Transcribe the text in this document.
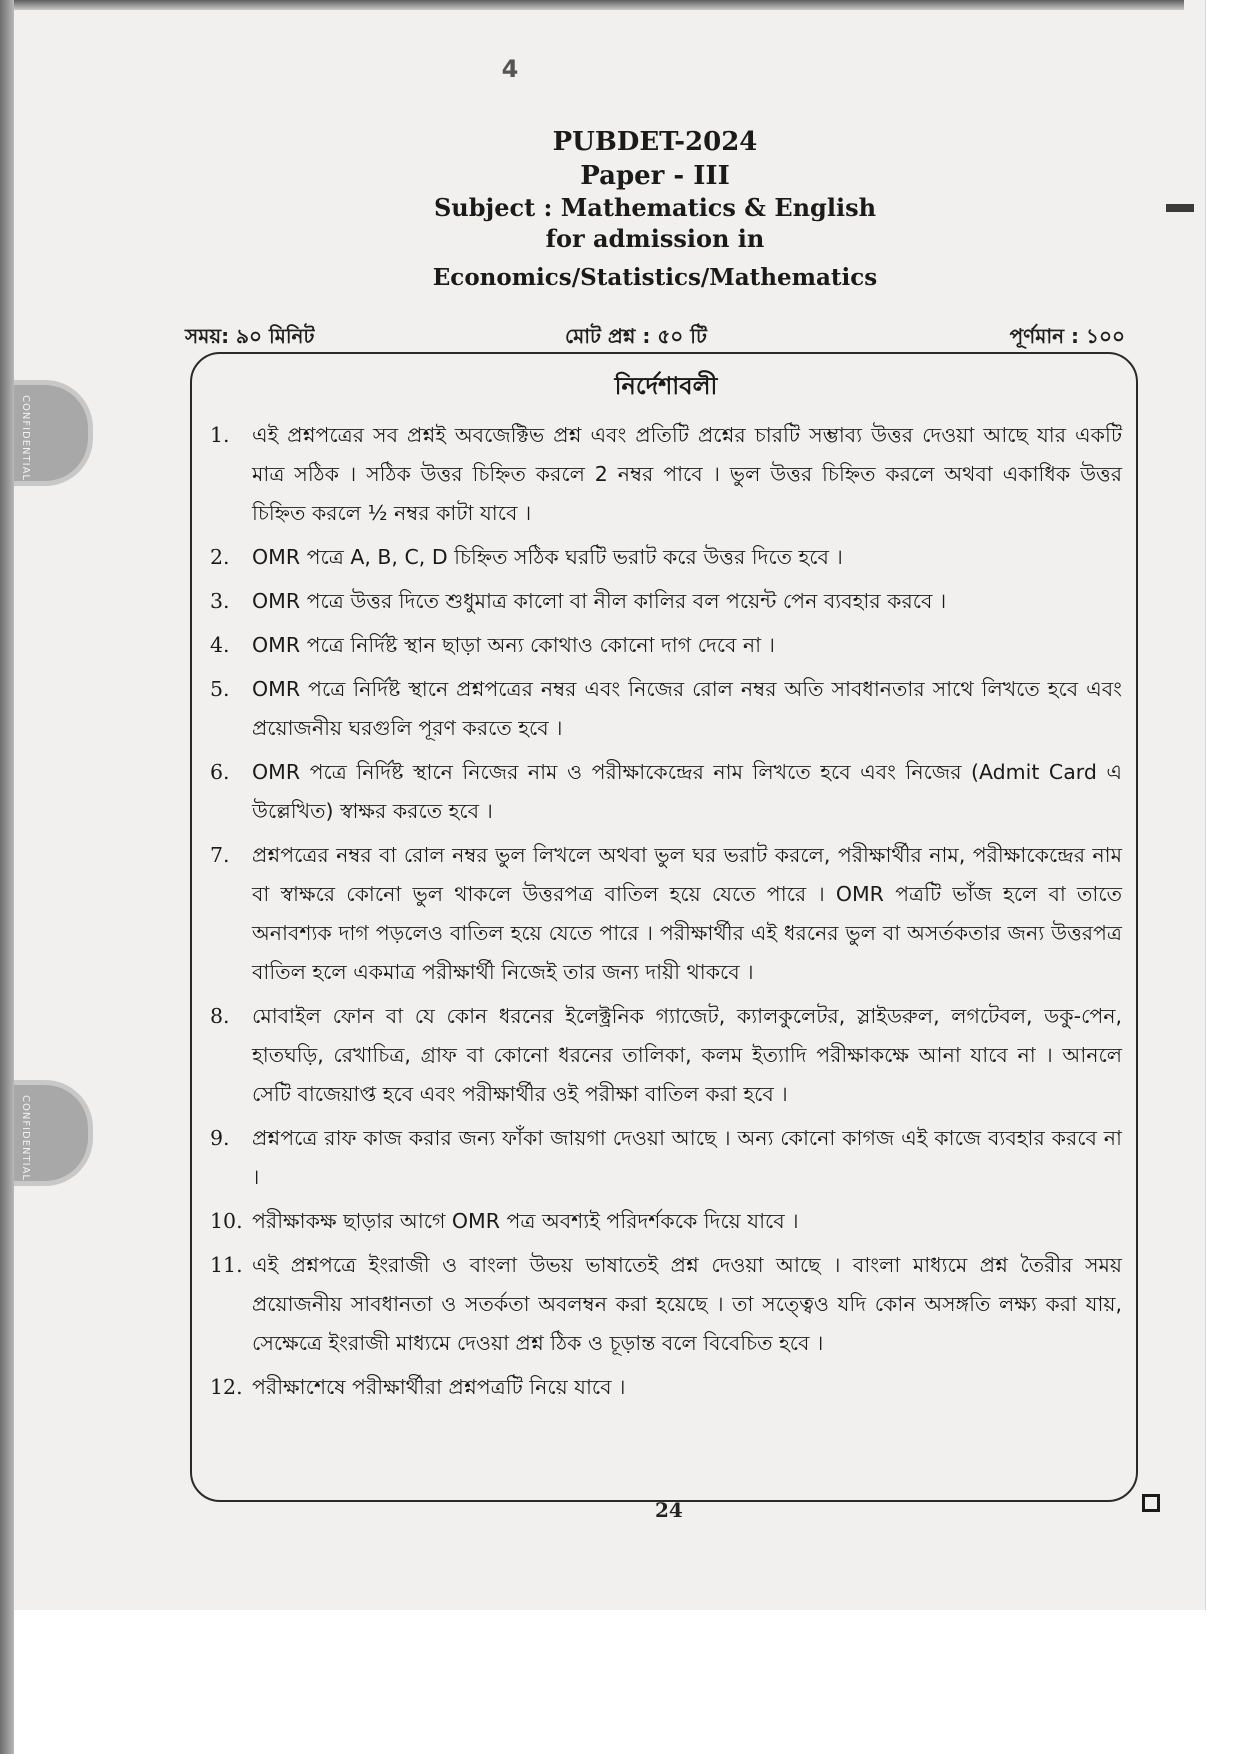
CONFIDENTIAL
CONFIDENTIAL
4
PUBDET-2024
Paper - III
Subject : Mathematics & English
for admission in
Economics/Statistics/Mathematics
সময়: ৯০ মিনিট	মোট প্রশ্ন : ৫০ টি	পূর্ণমান : ১০০
নির্দেশাবলী
1.	এই প্রশ্নপত্রের সব প্রশ্নই অবজেক্টিভ প্রশ্ন এবং প্রতিটি প্রশ্নের চারটি সম্ভাব্য উত্তর দেওয়া আছে যার একটি মাত্র সঠিক । সঠিক উত্তর চিহ্নিত করলে 2 নম্বর পাবে । ভুল উত্তর চিহ্নিত করলে অথবা একাধিক উত্তর চিহ্নিত করলে ½ নম্বর কাটা যাবে ।
2.	OMR পত্রে A, B, C, D চিহ্নিত সঠিক ঘরটি ভরাট করে উত্তর দিতে হবে ।
3.	OMR পত্রে উত্তর দিতে শুধুমাত্র কালো বা নীল কালির বল পয়েন্ট পেন ব্যবহার করবে ।
4.	OMR পত্রে নির্দিষ্ট স্থান ছাড়া অন্য কোথাও কোনো দাগ দেবে না ।
5.	OMR পত্রে নির্দিষ্ট স্থানে প্রশ্নপত্রের নম্বর এবং নিজের রোল নম্বর অতি সাবধানতার সাথে লিখতে হবে এবং প্রয়োজনীয় ঘরগুলি পূরণ করতে হবে ।
6.	OMR পত্রে নির্দিষ্ট স্থানে নিজের নাম ও পরীক্ষাকেন্দ্রের নাম লিখতে হবে এবং নিজের (Admit Card এ উল্লেখিত) স্বাক্ষর করতে হবে ।
7.	প্রশ্নপত্রের নম্বর বা রোল নম্বর ভুল লিখলে অথবা ভুল ঘর ভরাট করলে, পরীক্ষার্থীর নাম, পরীক্ষাকেন্দ্রের নাম বা স্বাক্ষরে কোনো ভুল থাকলে উত্তরপত্র বাতিল হয়ে যেতে পারে । OMR পত্রটি ভাঁজ হলে বা তাতে অনাবশ্যক দাগ পড়লেও বাতিল হয়ে যেতে পারে । পরীক্ষার্থীর এই ধরনের ভুল বা অসর্তকতার জন্য উত্তরপত্র বাতিল হলে একমাত্র পরীক্ষার্থী নিজেই তার জন্য দায়ী থাকবে ।
8.	মোবাইল ফোন বা যে কোন ধরনের ইলেক্ট্রনিক গ্যাজেট, ক্যালকুলেটর, স্লাইডরুল, লগটেবল, ডকু-পেন, হাতঘড়ি, রেখাচিত্র, গ্রাফ বা কোনো ধরনের তালিকা, কলম ইত্যাদি পরীক্ষাকক্ষে আনা যাবে না । আনলে সেটি বাজেয়াপ্ত হবে এবং পরীক্ষার্থীর ওই পরীক্ষা বাতিল করা হবে ।
9.	প্রশ্নপত্রে রাফ কাজ করার জন্য ফাঁকা জায়গা দেওয়া আছে । অন্য কোনো কাগজ এই কাজে ব্যবহার করবে না ।
10. পরীক্ষাকক্ষ ছাড়ার আগে OMR পত্র অবশ্যই পরিদর্শককে দিয়ে যাবে ।
11. এই প্রশ্নপত্রে ইংরাজী ও বাংলা উভয় ভাষাতেই প্রশ্ন দেওয়া আছে । বাংলা মাধ্যমে প্রশ্ন তৈরীর সময় প্রয়োজনীয় সাবধানতা ও সতর্কতা অবলম্বন করা হয়েছে । তা সত্ত্বেও যদি কোন অসঙ্গতি লক্ষ্য করা যায়, সেক্ষেত্রে ইংরাজী মাধ্যমে দেওয়া প্রশ্ন ঠিক ও চূড়ান্ত বলে বিবেচিত হবে ।
12. পরীক্ষাশেষে পরীক্ষার্থীরা প্রশ্নপত্রটি নিয়ে যাবে ।
24
